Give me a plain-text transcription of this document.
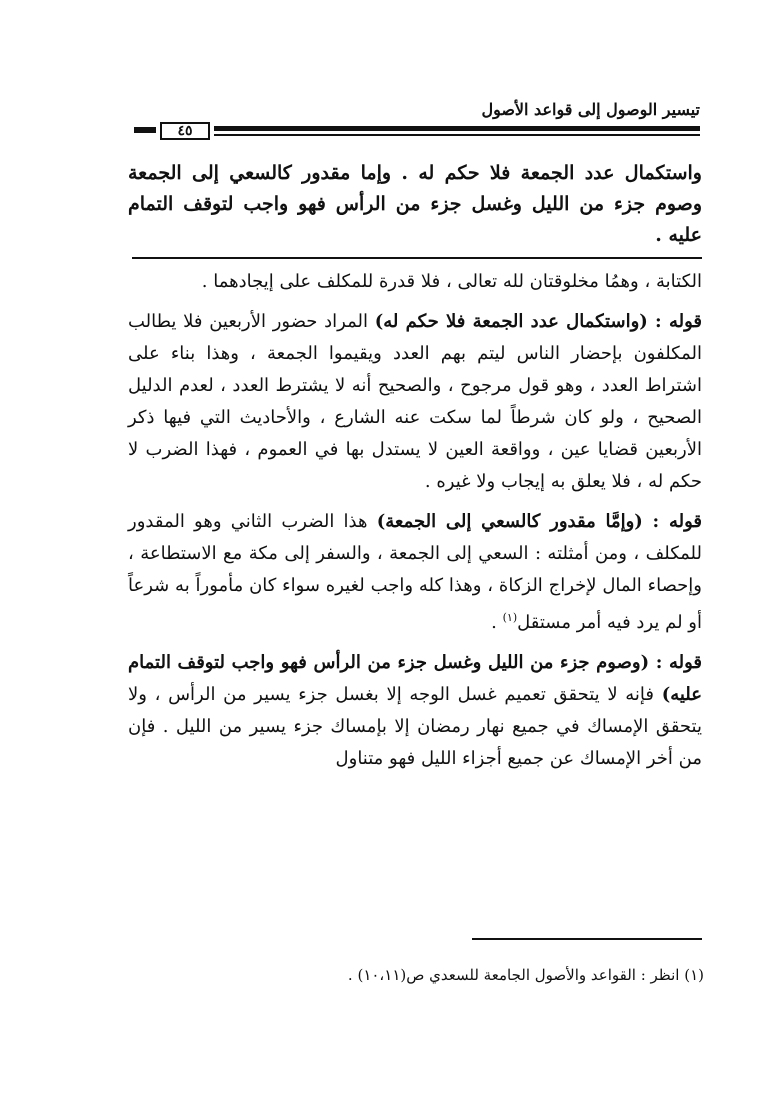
تيسير الوصول إلى قواعد الأصول
٤٥
واستكمال عدد الجمعة فلا حكم له . وإما مقدور كالسعي إلى الجمعة وصوم جزء من الليل وغسل جزء من الرأس فهو واجب لتوقف التمام عليه .

الكتابة ، وهمُا مخلوقتان لله تعالى ، فلا قدرة للمكلف على إيجادهما .

قوله : (واستكمال عدد الجمعة فلا حكم له) المراد حضور الأربعين فلا يطالب المكلفون بإحضار الناس ليتم بهم العدد ويقيموا الجمعة ، وهذا بناء على اشتراط العدد ، وهو قول مرجوح ، والصحيح أنه لا يشترط العدد ، لعدم الدليل الصحيح ، ولو كان شرطاً لما سكت عنه الشارع ، والأحاديث التي فيها ذكر الأربعين قضايا عين ، وواقعة العين لا يستدل بها في العموم ، فهذا الضرب لا حكم له ، فلا يعلق به إيجاب ولا غيره .

قوله : (وإمَّا مقدور كالسعي إلى الجمعة) هذا الضرب الثاني وهو المقدور للمكلف ، ومن أمثلته : السعي إلى الجمعة ، والسفر إلى مكة مع الاستطاعة ، وإحصاء المال لإخراج الزكاة ، وهذا كله واجب لغيره سواء كان مأموراً به شرعاً أو لم يرد فيه أمر مستقل$^{(١)}$ .

قوله : (وصوم جزء من الليل وغسل جزء من الرأس فهو واجب لتوقف التمام عليه) فإنه لا يتحقق تعميم غسل الوجه إلا بغسل جزء يسير من الرأس ، ولا يتحقق الإمساك في جميع نهار رمضان إلا بإمساك جزء يسير من الليل . فإن من أخر الإمساك عن جميع أجزاء الليل فهو متناول

(١) انظر : القواعد والأصول الجامعة للسعدي ص(١٠،١١) .
